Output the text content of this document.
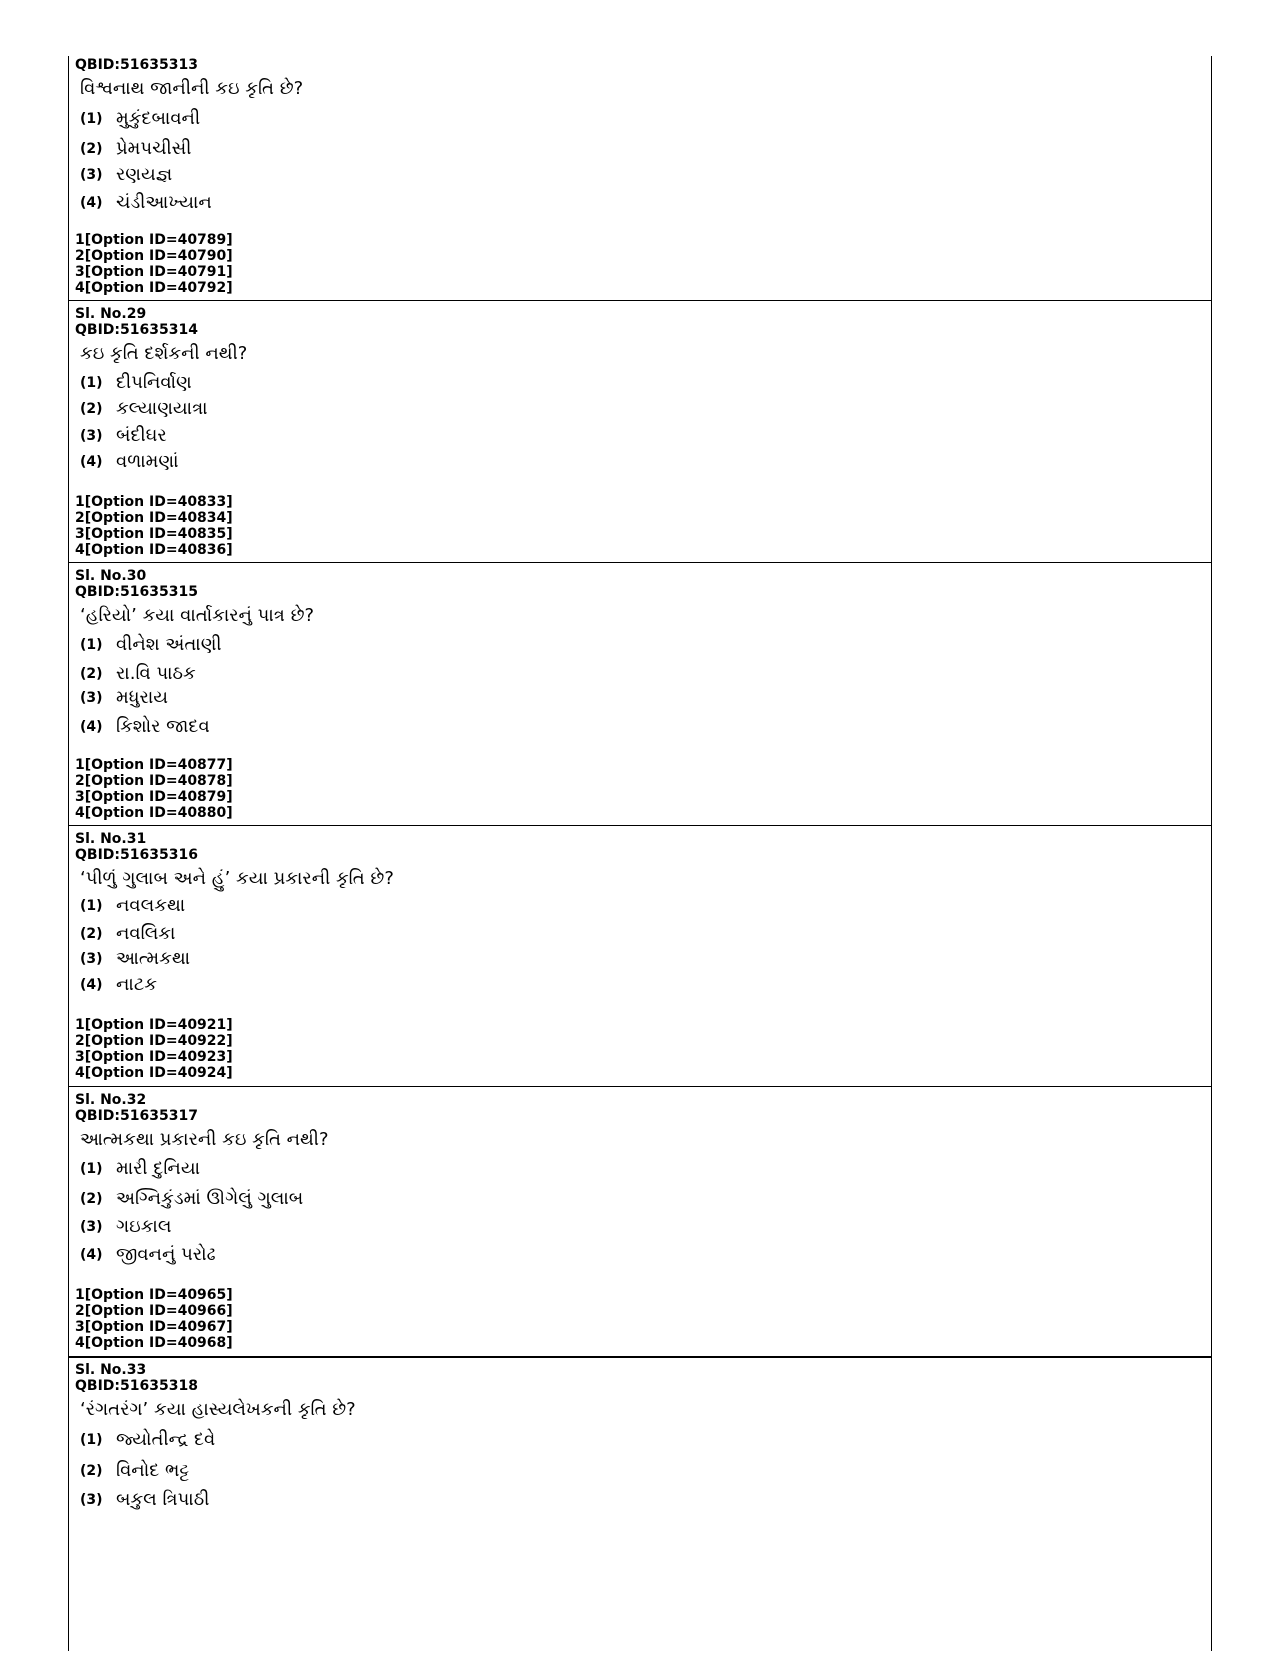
QBID:51635313

વિશ્વનાથ જાનીની કઇ કૃતિ છે?

(1) મુકુંદબાવની
(2) પ્રેમપચીસી
(3) રણયજ્ઞ
(4) ચંડીઆખ્યાન
1[Option ID=40789]
2[Option ID=40790]
3[Option ID=40791]
4[Option ID=40792]

Sl. No.29

QBID:51635314

કઇ કૃતિ દર્શકની નથી?

(1) દીપનિર્વાણ
(2) કલ્યાણયાત્રા
(3) બંદીઘર
(4) વળામણાં
1[Option ID=40833]
2[Option ID=40834]
3[Option ID=40835]
4[Option ID=40836]

Sl. No.30

QBID:51635315

‘હરિયો’ કયા વાર્તાકારનું પાત્ર છે?

(1) વીનેશ અંતાણી
(2) રા.વિ પાઠક
(3) મધુરાય
(4) કિશોર જાદવ
1[Option ID=40877]
2[Option ID=40878]
3[Option ID=40879]
4[Option ID=40880]

Sl. No.31

QBID:51635316

‘પીળું ગુલાબ અને હું’ કયા પ્રકારની કૃતિ છે?

(1) નવલકથા
(2) નવલિકા
(3) આત્મકથા
(4) નાટક
1[Option ID=40921]
2[Option ID=40922]
3[Option ID=40923]
4[Option ID=40924]

Sl. No.32

QBID:51635317

આત્મકથા પ્રકારની કઇ કૃતિ નથી?

(1) મારી દુનિયા
(2) અગ્નિકુંડમાં ઊગેલું ગુલાબ
(3) ગઇકાલ
(4) જીવનનું પરોઢ
1[Option ID=40965]
2[Option ID=40966]
3[Option ID=40967]
4[Option ID=40968]

Sl. No.33

QBID:51635318

‘રંગતરંગ’ કયા હાસ્યલેખકની કૃતિ છે?

(1) જ્યોતીન્દ્ર દવે
(2) વિનોદ ભટ્ટ
(3) બકુલ ત્રિપાઠી
